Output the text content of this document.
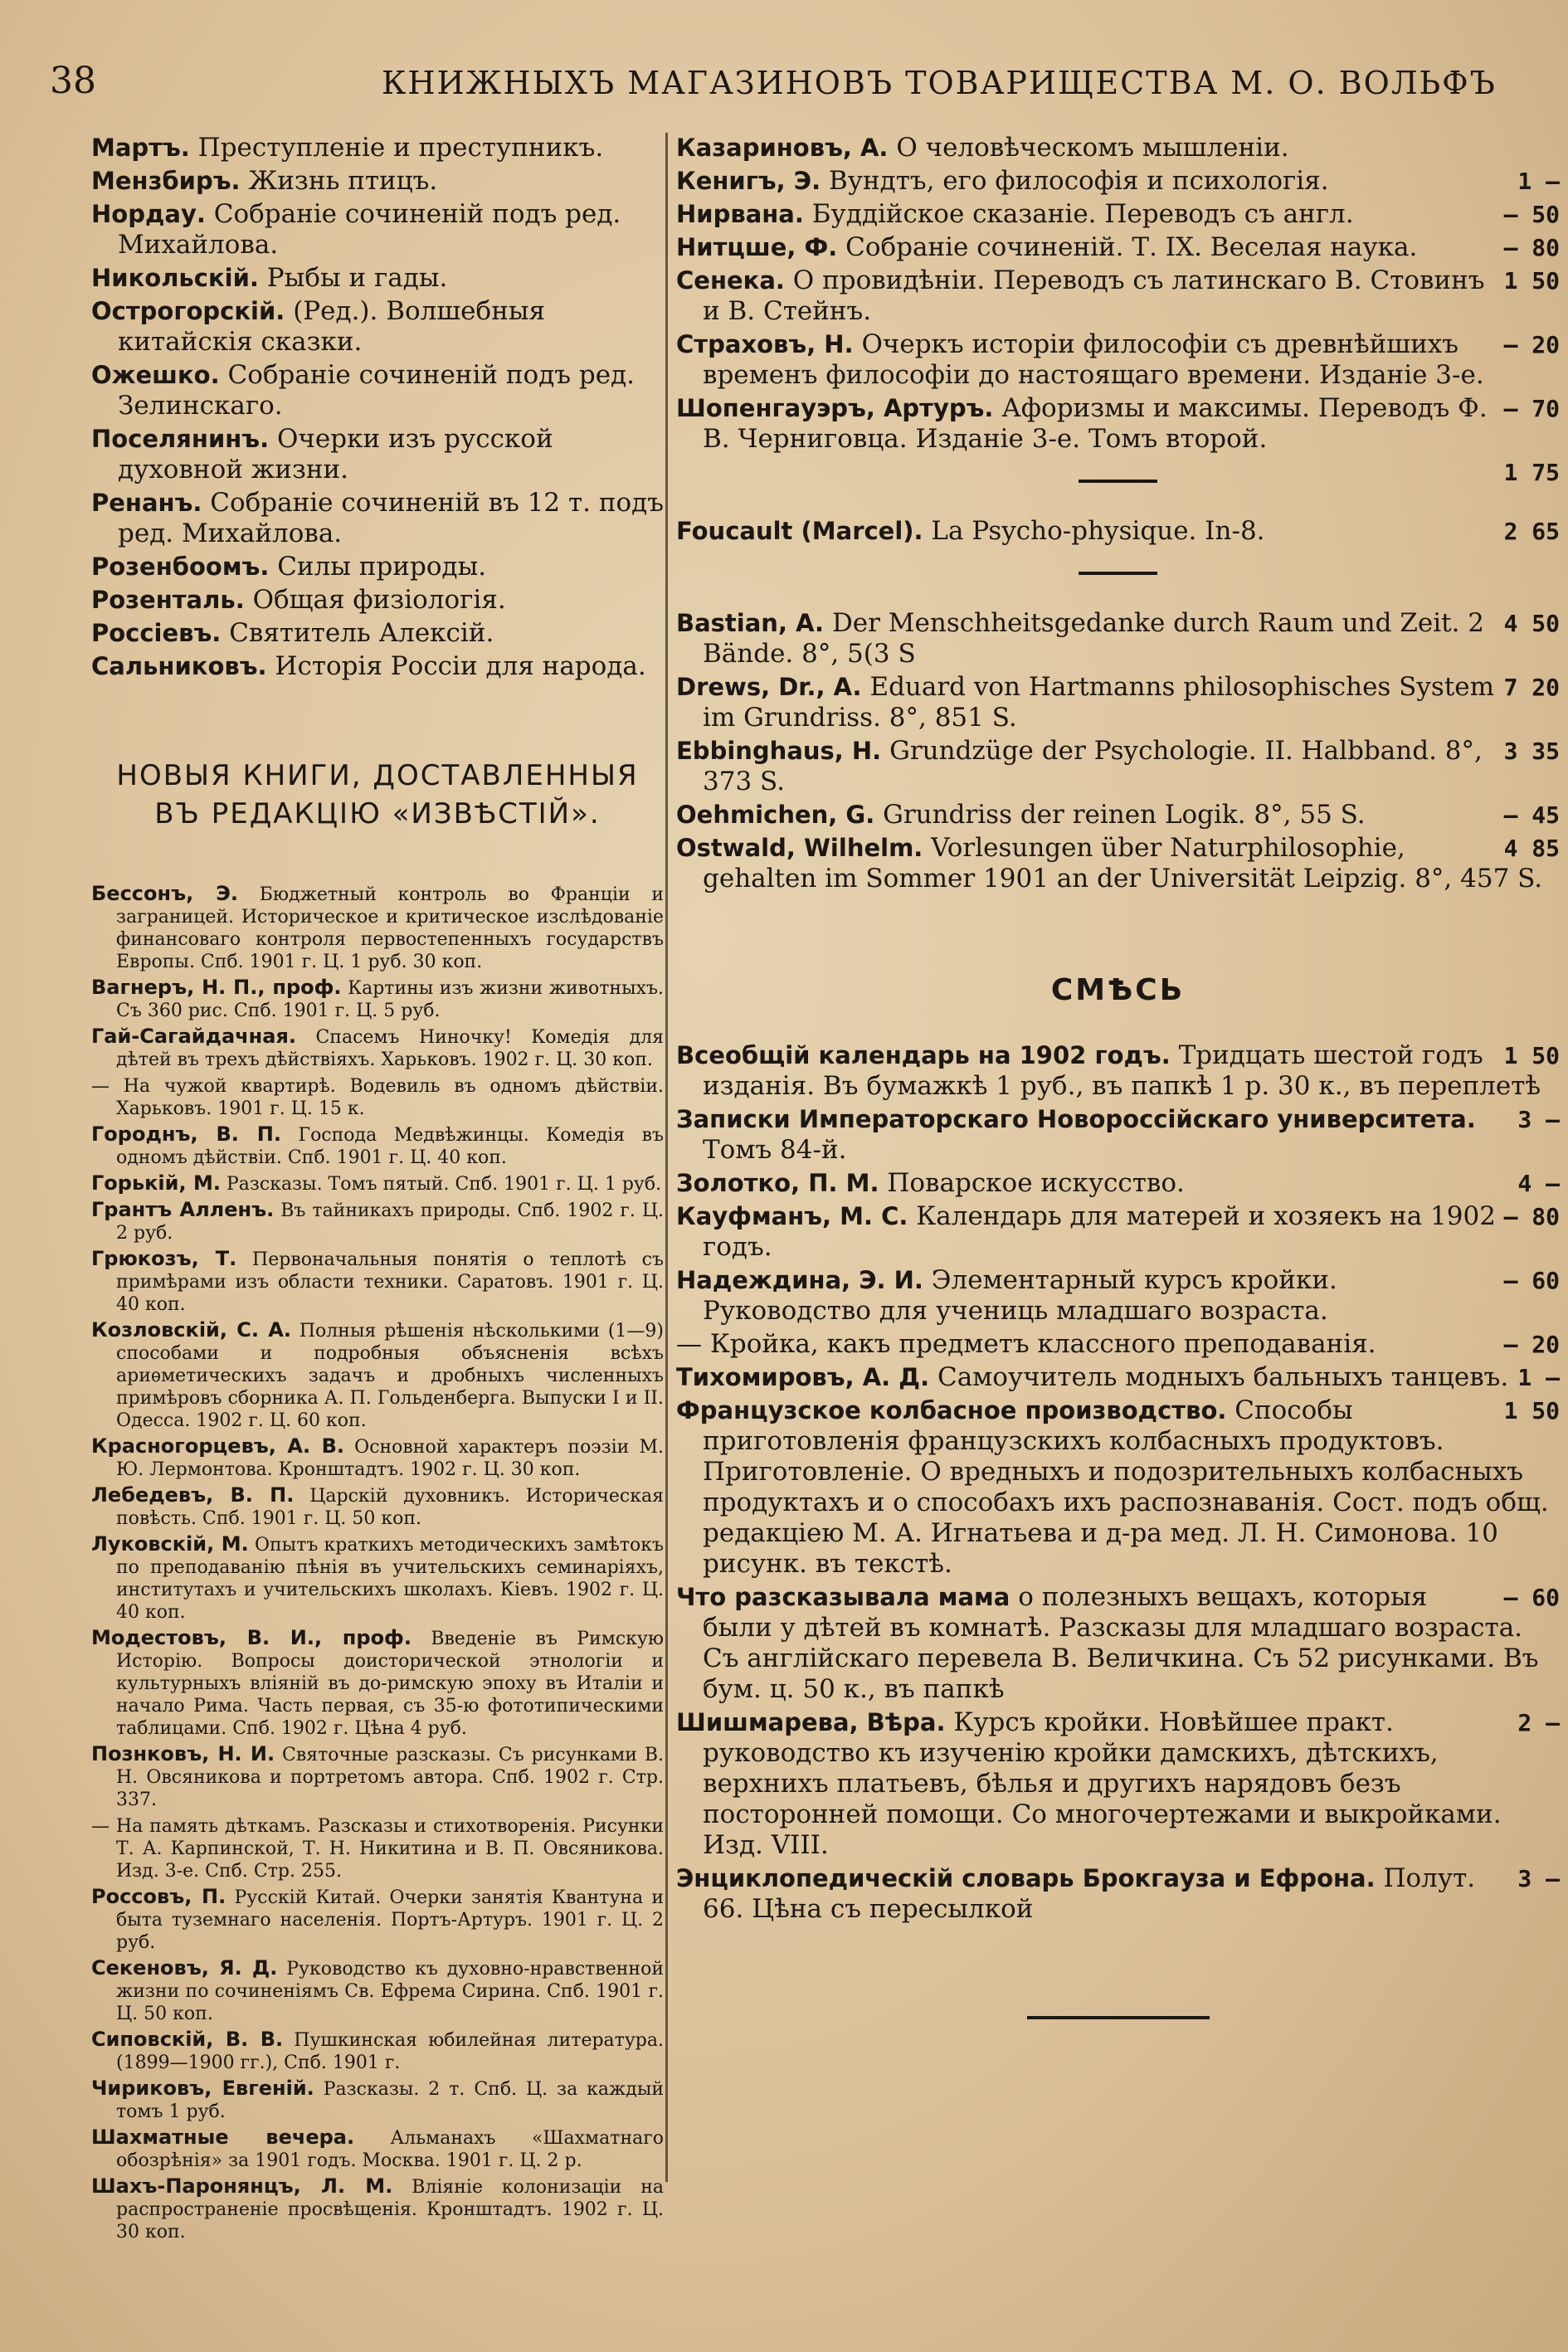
38	КНИЖНЫХЪ МАГАЗИНОВЪ ТОВАРИЩЕСТВА М. О. ВОЛЬФЪ
Мартъ. Преступленіе и преступникъ.
Мензбиръ. Жизнь птицъ.
Нордау. Собраніе сочиненій подъ ред. Михайлова.
Никольскій. Рыбы и гады.
Острогорскій. (Ред.). Волшебныя китайскія сказки.
Ожешко. Собраніе сочиненій подъ ред. Зелинскаго.
Поселянинъ. Очерки изъ русской духовной жизни.
Ренанъ. Собраніе сочиненій въ 12 т. подъ ред. Михайлова.
Розенбоомъ. Силы природы.
Розенталь. Общая физіологія.
Россіевъ. Святитель Алексій.
Сальниковъ. Исторія Россіи для народа.
НОВЫЯ КНИГИ, ДОСТАВЛЕННЫЯ ВЪ РЕДАКЦІЮ «ИЗВѢСТІЙ».
Бессонъ, Э. Бюджетный контроль во Франціи и заграницей. Историческое и критическое изслѣдованіе финансоваго контроля первостепенныхъ государствъ Европы. Спб. 1901 г. Ц. 1 руб. 30 коп.
Вагнеръ, Н. П., проф. Картины изъ жизни животныхъ. Съ 360 рис. Спб. 1901 г. Ц. 5 руб.
Гай-Сагайдачная. Спасемъ Ниночку! Комедія для дѣтей въ трехъ дѣйствіяхъ. Харьковъ. 1902 г. Ц. 30 коп.
— На чужой квартирѣ. Водевиль въ одномъ дѣйствіи. Харьковъ. 1901 г. Ц. 15 к.
Городнъ, В. П. Господа Медвѣжинцы. Комедія въ одномъ дѣйствіи. Спб. 1901 г. Ц. 40 коп.
Горькій, М. Разсказы. Томъ пятый. Спб. 1901 г. Ц. 1 руб.
Грантъ Алленъ. Въ тайникахъ природы. Спб. 1902 г. Ц. 2 руб.
Грюкозъ, Т. Первоначальныя понятія о теплотѣ съ примѣрами изъ области техники. Саратовъ. 1901 г. Ц. 40 коп.
Козловскій, С. А. Полныя рѣшенія нѣсколькими (1—9) способами и подробныя объясненія всѣхъ ариѳметическихъ задачъ и дробныхъ численныхъ примѣровъ сборника А. П. Гольденберга. Выпуски I и II. Одесса. 1902 г. Ц. 60 коп.
Красногорцевъ, А. В. Основной характеръ поэзіи М. Ю. Лермонтова. Кронштадтъ. 1902 г. Ц. 30 коп.
Лебедевъ, В. П. Царскій духовникъ. Историческая повѣсть. Спб. 1901 г. Ц. 50 коп.
Луковскій, М. Опытъ краткихъ методическихъ замѣтокъ по преподаванію пѣнія въ учительскихъ семинаріяхъ, институтахъ и учительскихъ школахъ. Кіевъ. 1902 г. Ц. 40 коп.
Модестовъ, В. И., проф. Введеніе въ Римскую Исторію. Вопросы доисторической этнологіи и культурныхъ вліяній въ до-римскую эпоху въ Италіи и начало Рима. Часть первая, съ 35-ю фототипическими таблицами. Спб. 1902 г. Цѣна 4 руб.
Познковъ, Н. И. Святочные разсказы. Съ рисунками В. Н. Овсяникова и портретомъ автора. Спб. 1902 г. Стр. 337.
— На память дѣткамъ. Разсказы и стихотворенія. Рисунки Т. А. Карпинской, Т. Н. Никитина и В. П. Овсяникова. Изд. 3-е. Спб. Стр. 255.
Россовъ, П. Русскій Китай. Очерки занятія Квантуна и быта туземнаго населенія. Портъ-Артуръ. 1901 г. Ц. 2 руб.
Секеновъ, Я. Д. Руководство къ духовно-нравственной жизни по сочиненіямъ Св. Ефрема Сирина. Спб. 1901 г. Ц. 50 коп.
Сиповскій, В. В. Пушкинская юбилейная литература. (1899—1900 гг.), Спб. 1901 г.
Чириковъ, Евгеній. Разсказы. 2 т. Спб. Ц. за каждый томъ 1 руб.
Шахматные вечера. Альманахъ «Шахматнаго обозрѣнія» за 1901 годъ. Москва. 1901 г. Ц. 2 р.
Шахъ-Паронянцъ, Л. М. Вліяніе колонизаціи на распространеніе просвѣщенія. Кронштадтъ. 1902 г. Ц. 30 коп.
Казариновъ, А. О человѣческомъ мышленіи.
1 —
Кенигъ, Э. Вундтъ, его философія и психологія.
— 50
Нирвана. Буддійское сказаніе. Переводъ съ англ.
— 80
Нитцше, Ф. Собраніе сочиненій. Т. IX. Веселая наука.
1 50
Сенека. О провидѣніи. Переводъ съ латинскаго В. Стовинъ и В. Стейнъ.
— 20
Страховъ, Н. Очеркъ исторіи философіи съ древнѣйшихъ временъ философіи до настоящаго времени. Изданіе 3-е.
— 70
Шопенгауэръ, Артуръ. Афоризмы и максимы. Переводъ Ф. В. Черниговца. Изданіе 3-е. Томъ второй.
1 75
2 65
Foucault (Marcel). La Psycho-physique. In-8.
4 50
Bastian, A. Der Menschheitsgedanke durch Raum und Zeit. 2 Bände. 8°, 5(3 S
7 20
Drews, Dr., A. Eduard von Hartmanns philosophisches System im Grundriss. 8°, 851 S.
3 35
Ebbinghaus, H. Grundzüge der Psychologie. II. Halbband. 8°, 373 S.
— 45
Oehmichen, G. Grundriss der reinen Logik. 8°, 55 S.
4 85
Ostwald, Wilhelm. Vorlesungen über Naturphilosophie, gehalten im Sommer 1901 an der Universität Leipzig. 8°, 457 S.
СМѢСЬ
1 50
Всеобщій календарь на 1902 годъ. Тридцать шестой годъ изданія. Въ бумажкѣ 1 руб., въ папкѣ 1 р. 30 к., въ переплетѣ
3 —
Записки Императорскаго Новороссійскаго университета. Томъ 84-й.
4 —
Золотко, П. М. Поварское искусство.
— 80
Кауфманъ, М. С. Календарь для матерей и хозяекъ на 1902 годъ.
— 60
Надеждина, Э. И. Элементарный курсъ кройки. Руководство для учениць младшаго возраста.
— 20
— Кройка, какъ предметъ классного преподаванія.
1 —
Тихомировъ, А. Д. Самоучитель модныхъ бальныхъ танцевъ.
1 50
Французское колбасное производство. Способы приготовленія французскихъ колбасныхъ продуктовъ. Приготовленіе. О вредныхъ и подозрительныхъ колбасныхъ продуктахъ и о способахъ ихъ распознаванія. Сост. подъ общ. редакціею М. А. Игнатьева и д-ра мед. Л. Н. Симонова. 10 рисунк. въ текстѣ.
— 60
Что разсказывала мама о полезныхъ вещахъ, которыя были у дѣтей въ комнатѣ. Разсказы для младшаго возраста. Съ англійскаго перевела В. Величкина. Съ 52 рисунками. Въ бум. ц. 50 к., въ папкѣ
2 —
Шишмарева, Вѣра. Курсъ кройки. Новѣйшее практ. руководство къ изученію кройки дамскихъ, дѣтскихъ, верхнихъ платьевъ, бѣлья и другихъ нарядовъ безъ посторонней помощи. Со многочертежами и выкройками. Изд. VIII.
3 —
Энциклопедическій словарь Брокгауза и Ефрона. Полут. 66. Цѣна съ пересылкой
